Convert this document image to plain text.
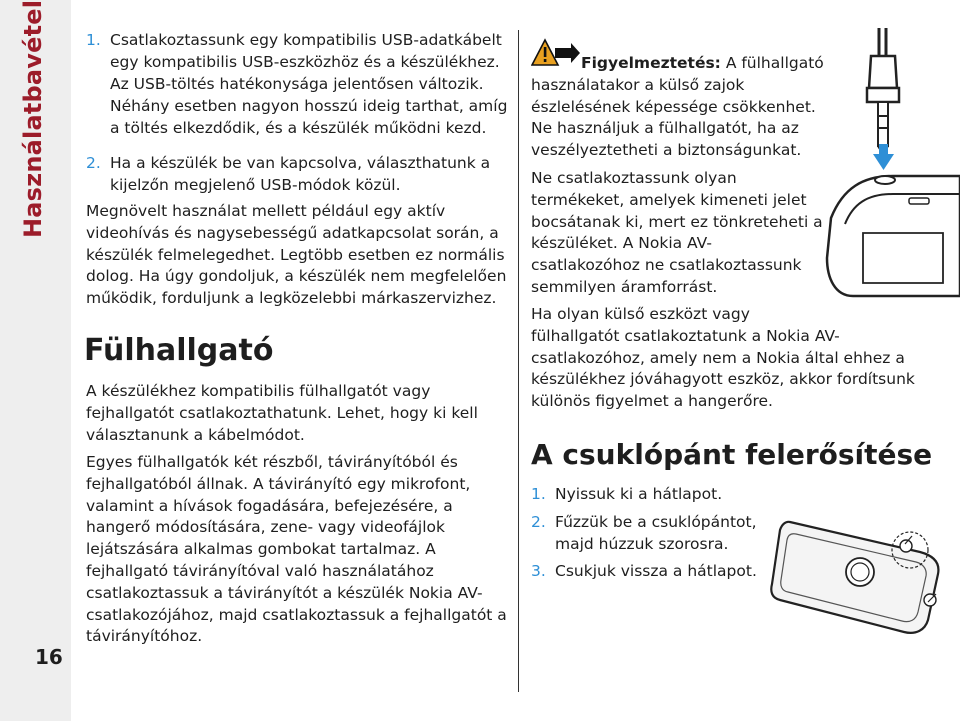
Használatbavétel
16
1. Csatlakoztassunk egy kompatibilis USB-adatkábelt
egy kompatibilis USB-eszközhöz és a készülékhez.
Az USB-töltés hatékonysága jelentősen változik.
Néhány esetben nagyon hosszú ideig tarthat, amíg
a töltés elkezdődik, és a készülék működni kezd.
2. Ha a készülék be van kapcsolva, választhatunk a
kijelzőn megjelenő USB-módok közül.
Megnövelt használat mellett például egy aktív
videohívás és nagysebességű adatkapcsolat során, a
készülék felmelegedhet. Legtöbb esetben ez normális
dolog. Ha úgy gondoljuk, a készülék nem megfelelően
működik, forduljunk a legközelebbi márkaszervizhez.
Fülhallgató
A készülékhez kompatibilis fülhallgatót vagy
fejhallgatót csatlakoztathatunk. Lehet, hogy ki kell
választanunk a kábelmódot.
Egyes fülhallgatók két részből, távirányítóból és
fejhallgatóból állnak. A távirányító egy mikrofont,
valamint a hívások fogadására, befejezésére, a
hangerő módosítására, zene- vagy videofájlok
lejátszására alkalmas gombokat tartalmaz. A
fejhallgató távirányítóval való használatához
csatlakoztassuk a távirányítót a készülék Nokia AV-
csatlakozójához, majd csatlakoztassuk a fejhallgatót a
távirányítóhoz.
Figyelmeztetés: A fülhallgató
használatakor a külső zajok
észlelésének képessége csökkenhet.
Ne használjuk a fülhallgatót, ha az
veszélyeztetheti a biztonságunkat.
Ne csatlakoztassunk olyan
termékeket, amelyek kimeneti jelet
bocsátanak ki, mert ez tönkreteheti a
készüléket. A Nokia AV-
csatlakozóhoz ne csatlakoztassunk
semmilyen áramforrást.
Ha olyan külső eszközt vagy
fülhallgatót csatlakoztatunk a Nokia AV-
csatlakozóhoz, amely nem a Nokia által ehhez a
készülékhez jóváhagyott eszköz, akkor fordítsunk
különös figyelmet a hangerőre.
A csuklópánt felerősítése
1. Nyissuk ki a hátlapot.
2. Fűzzük be a csuklópántot,
majd húzzuk szorosra.
3. Csukjuk vissza a hátlapot.
